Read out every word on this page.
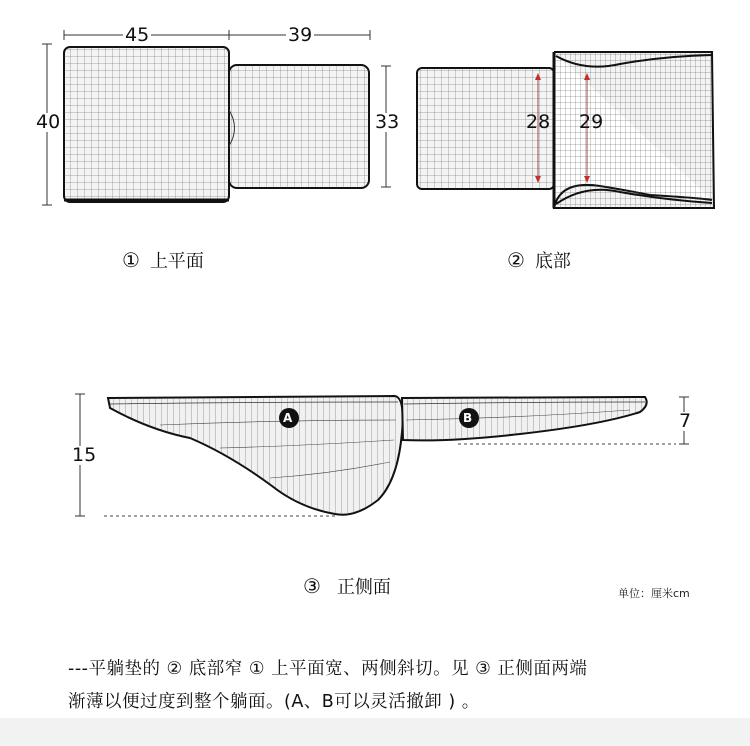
45	39
40	33	28 29
15
7
A	B
① 上平面	② 底部
③ 正侧面	单位：厘米cm
---平躺垫的 ② 底部窄 ① 上平面宽、两侧斜切。见 ③ 正侧面两端
渐薄以便过度到整个躺面。(A、B可以灵活撤卸 ) 。
